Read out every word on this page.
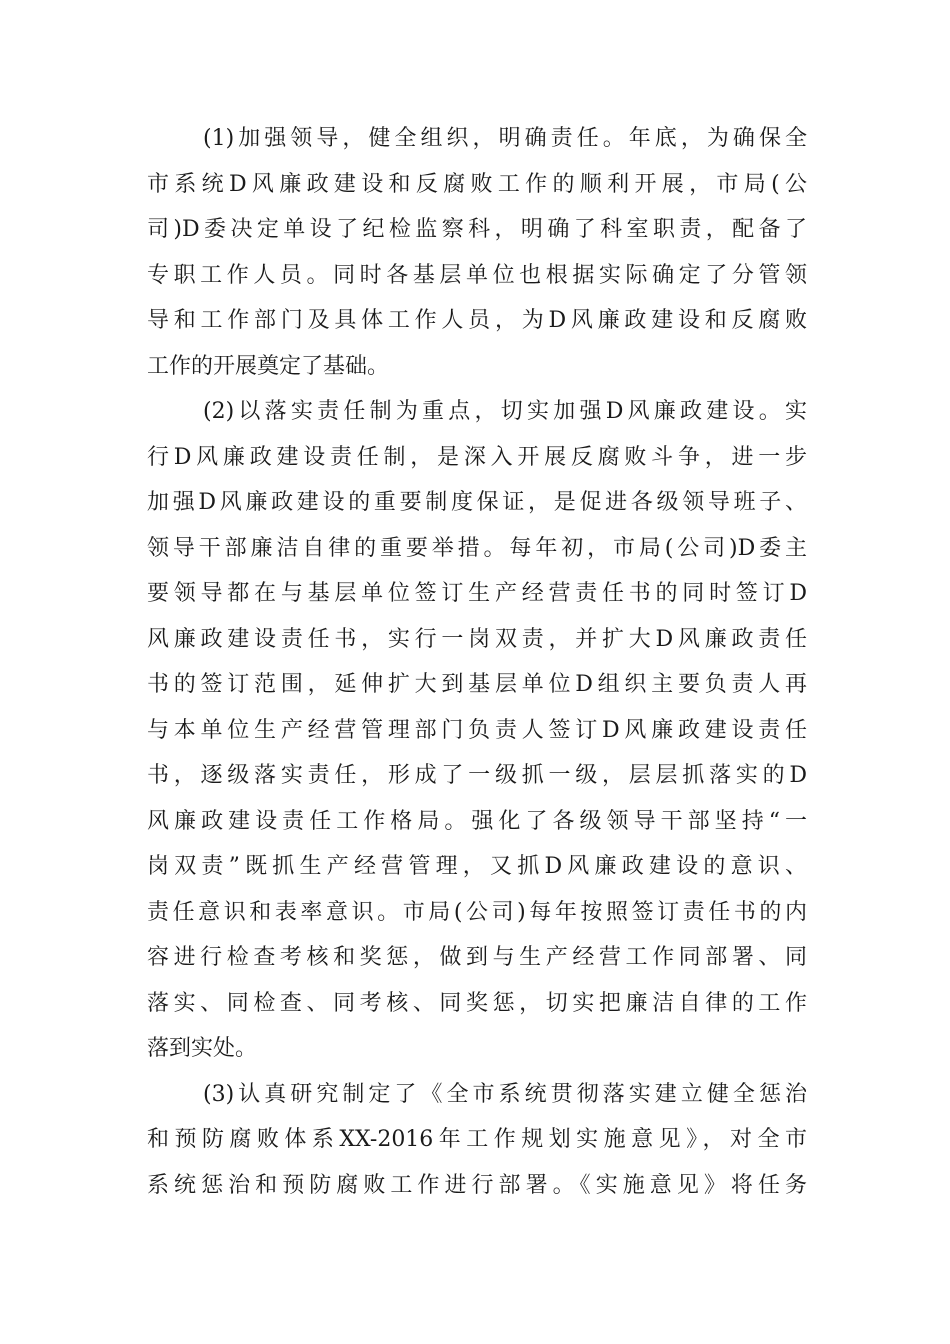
(1)加强领导，健全组织，明确责任。年底，为确保全
市系统D风廉政建设和反腐败工作的顺利开展，市局(公
司)D委决定单设了纪检监察科，明确了科室职责，配备了
专职工作人员。同时各基层单位也根据实际确定了分管领
导和工作部门及具体工作人员，为D风廉政建设和反腐败
工作的开展奠定了基础。
(2)以落实责任制为重点，切实加强D风廉政建设。实
行D风廉政建设责任制，是深入开展反腐败斗争，进一步
加强D风廉政建设的重要制度保证，是促进各级领导班子、
领导干部廉洁自律的重要举措。每年初，市局(公司)D委主
要领导都在与基层单位签订生产经营责任书的同时签订D
风廉政建设责任书，实行一岗双责，并扩大D风廉政责任
书的签订范围，延伸扩大到基层单位D组织主要负责人再
与本单位生产经营管理部门负责人签订D风廉政建设责任
书，逐级落实责任，形成了一级抓一级，层层抓落实的D
风廉政建设责任工作格局。强化了各级领导干部坚持“一
岗双责”既抓生产经营管理，又抓D风廉政建设的意识、
责任意识和表率意识。市局(公司)每年按照签订责任书的内
容进行检查考核和奖惩，做到与生产经营工作同部署、同
落实、同检查、同考核、同奖惩，切实把廉洁自律的工作
落到实处。
(3)认真研究制定了《全市系统贯彻落实建立健全惩治
和预防腐败体系XX-2016年工作规划实施意见》，对全市
系统惩治和预防腐败工作进行部署。《实施意见》将任务
